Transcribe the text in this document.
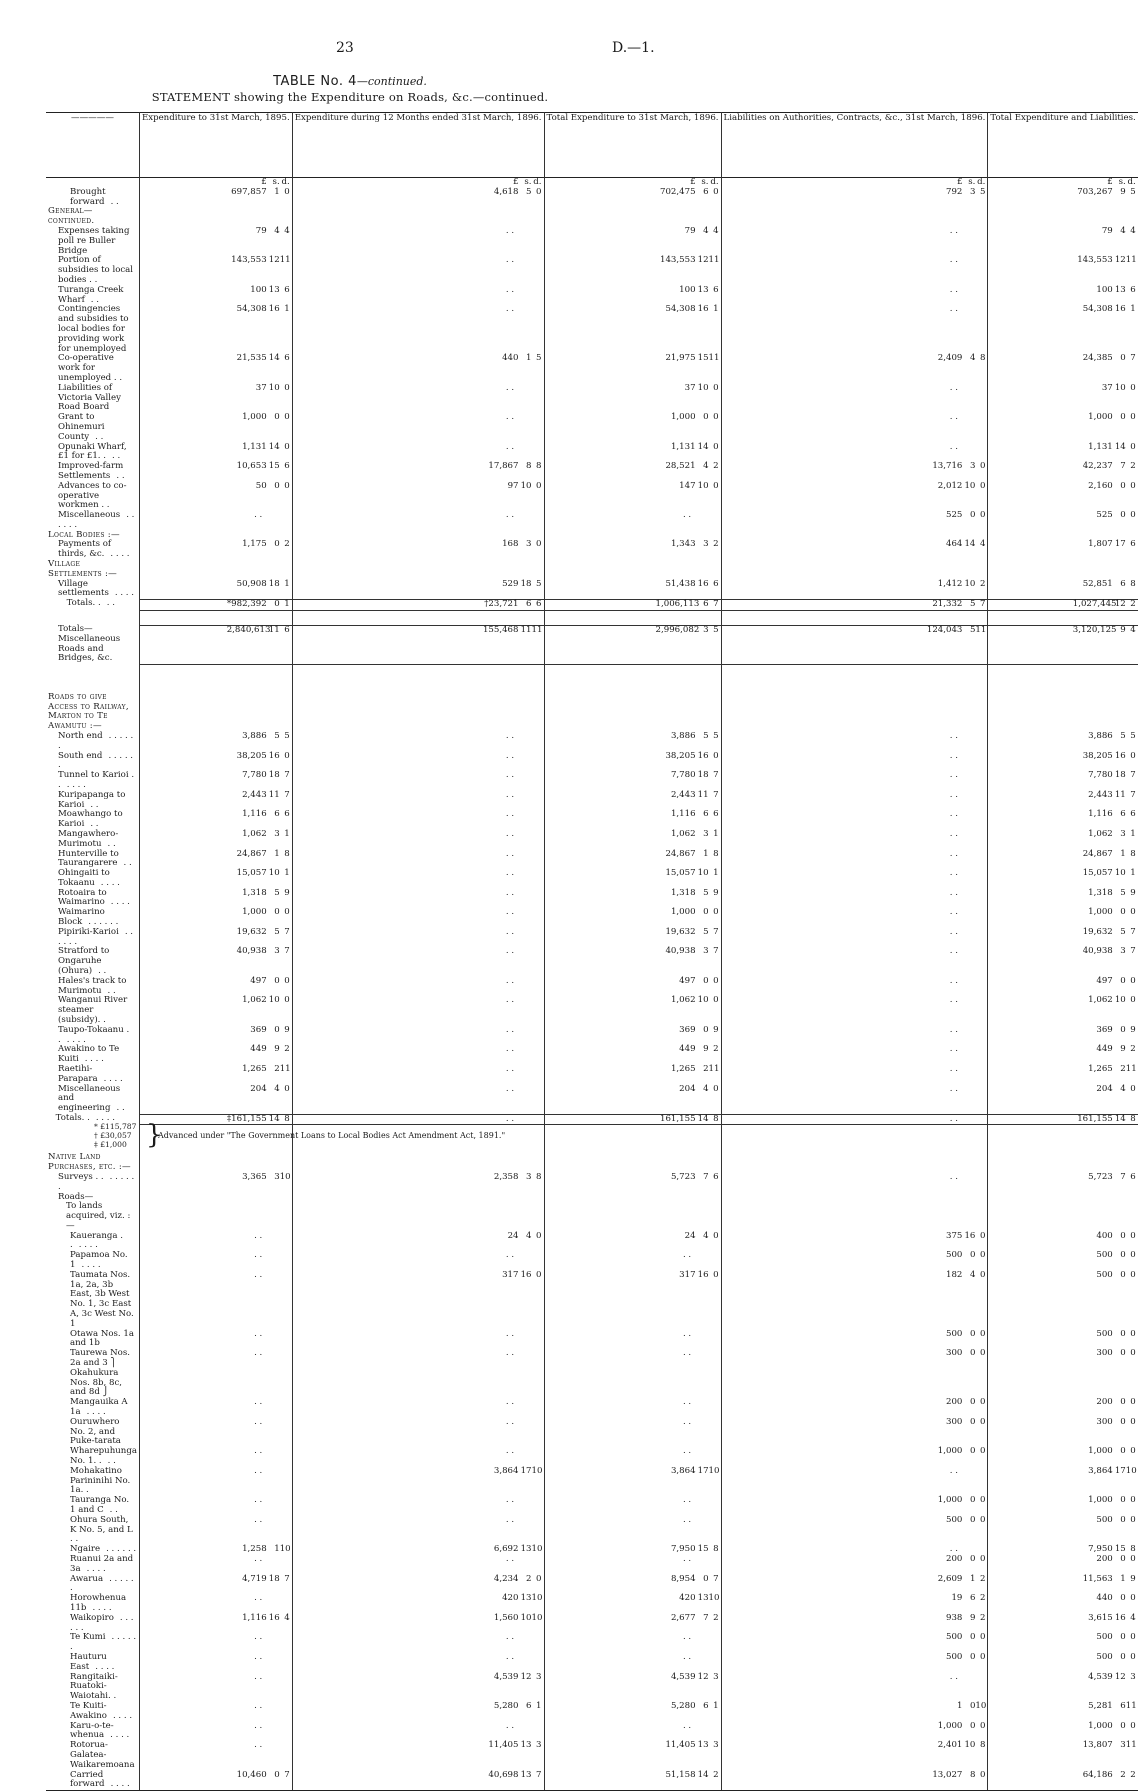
23	D.—1.
TABLE No. 4—continued.
STATEMENT showing the Expenditure on Roads, &c.—continued.
—————	Expenditure to 31st March, 1895.	Expenditure during 12 Months ended 31st March, 1896.	Total Expenditure to 31st March, 1896.	Liabilities on Authorities, Contracts, &c., 31st March, 1896.	Total Expenditure and Liabilities.
	£ s. d.	£ s. d.	£ s. d.	£ s. d.	£ s. d.
Brought forward . .	697,857 1 0	4,618 5 0	702,475 6 0	792 3 5	703,267 9 5
General—continued.					
Expenses taking poll re Buller Bridge	79 4 4	. .	79 4 4	. .	79 4 4
Portion of subsidies to local bodies . .	143,553 1211	. .	143,553 1211	. .	143,553 1211
Turanga Creek Wharf . .	100 13 6	. .	100 13 6	. .	100 13 6
Contingencies and subsidies to local bodies for providing work for unemployed	54,308 16 1	. .	54,308 16 1	. .	54,308 16 1
Co-operative work for unemployed . .	21,535 14 6	440 1 5	21,975 1511	2,409 4 8	24,385 0 7
Liabilities of Victoria Valley Road Board	37 10 0	. .	37 10 0	. .	37 10 0
Grant to Ohinemuri County . .	1,000 0 0	. .	1,000 0 0	. .	1,000 0 0
Opunaki Wharf, £1 for £1. . . .	1,131 14 0	. .	1,131 14 0	. .	1,131 14 0
Improved-farm Settlements . .	10,653 15 6	17,867 8 8	28,521 4 2	13,716 3 0	42,237 7 2
Advances to co-operative workmen . .	50 0 0	97 10 0	147 10 0	2,012 10 0	2,160 0 0
Miscellaneous . . . . . .	. .	. .	. .	525 0 0	525 0 0
Local Bodies :—					
Payments of thirds, &c. . . . .	1,175 0 2	168 3 0	1,343 3 2	464 14 4	1,807 17 6
Village Settlements :—					
Village settlements . . . .	50,908 18 1	529 18 5	51,438 16 6	1,412 10 2	52,851 6 8
Totals. . . .	*982,392 0 1	†23,721 6 6	1,006,113 6 7	21,332 5 7	1,027,44512 2

Totals—Miscellaneous Roads and Bridges, &c.	2,840,61311 6	155,468 1111	2,996,082 3 5	124,043 511	3,120,125 9 4

Roads to give Access to Railway, Marton to Te Awamutu :—					
North end . . . . . .	3,886 5 5	. .	3,886 5 5	. .	3,886 5 5
South end . . . . . .	38,205 16 0	. .	38,205 16 0	. .	38,205 16 0
Tunnel to Karioi . . . . . .	7,780 18 7	. .	7,780 18 7	. .	7,780 18 7
Kuripapanga to Karioi . .	2,443 11 7	. .	2,443 11 7	. .	2,443 11 7
Moawhango to Karioi . .	1,116 6 6	. .	1,116 6 6	. .	1,116 6 6
Mangawhero-Murimotu . .	1,062 3 1	. .	1,062 3 1	. .	1,062 3 1
Hunterville to Taurangarere . .	24,867 1 8	. .	24,867 1 8	. .	24,867 1 8
Ohingaiti to Tokaanu . . . .	15,057 10 1	. .	15,057 10 1	. .	15,057 10 1
Rotoaira to Waimarino . . . .	1,318 5 9	. .	1,318 5 9	. .	1,318 5 9
Waimarino Block . . . . . .	1,000 0 0	. .	1,000 0 0	. .	1,000 0 0
Pipiriki-Karioi . . . . . .	19,632 5 7	. .	19,632 5 7	. .	19,632 5 7
Stratford to Ongaruhe (Ohura) . .	40,938 3 7	. .	40,938 3 7	. .	40,938 3 7
Hales's track to Murimotu . .	497 0 0	. .	497 0 0	. .	497 0 0
Wanganui River steamer (subsidy). .	1,062 10 0	. .	1,062 10 0	. .	1,062 10 0
Taupo-Tokaanu . . . . . .	369 0 9	. .	369 0 9	. .	369 0 9
Awakino to Te Kuiti . . . .	449 9 2	. .	449 9 2	. .	449 9 2
Raetihi-Parapara . . . .	1,265 211	. .	1,265 211	. .	1,265 211
Miscellaneous and engineering . .	204 4 0	. .	204 4 0	. .	204 4 0
Totals. . . . . .	‡161,155 14 8	. .	161,155 14 8	. .	161,155 14 8

Native Land Purchases, etc. :—					
Surveys . . . . . . . .	3,365 310	2,358 3 8	5,723 7 6	. .	5,723 7 6
Roads—					
To lands acquired, viz. :—					
Kaueranga . . . . . .	. .	24 4 0	24 4 0	375 16 0	400 0 0
Papamoa No. 1 . . . .	. .	. .	. .	500 0 0	500 0 0
Taumata Nos. 1a, 2a, 3b East, 3b West No. 1, 3c East A, 3c West No. 1	. .	317 16 0	317 16 0	182 4 0	500 0 0
Otawa Nos. 1a and 1b	. .	. .	. .	500 0 0	500 0 0
Taurewa Nos. 2a and 3 ⎫ Okahukura Nos. 8b, 8c, and 8d ⎭	. .	. .	. .	300 0 0	300 0 0
Mangauika A 1a . . . .	. .	. .	. .	200 0 0	200 0 0
Ouruwhero No. 2, and Puke-tarata	. .	. .	. .	300 0 0	300 0 0
Wharepuhunga No. 1. . . .	. .	. .	. .	1,000 0 0	1,000 0 0
Mohakatino Parininihi No. 1a. .	. .	3,864 1710	3,864 1710	. .	3,864 1710
Tauranga No. 1 and C . .	. .	. .	. .	1,000 0 0	1,000 0 0
Ohura South, K No. 5, and L . .	. .	. .	. .	500 0 0	500 0 0
Ngaire . . . . . .	1,258 110	6,692 1310	7,950 15 8	. .	7,950 15 8
Ruanui 2a and 3a . . . .	. .	. .	. .	200 0 0	200 0 0
Awarua . . . . . .	4,719 18 7	4,234 2 0	8,954 0 7	2,609 1 2	11,563 1 9
Horowhenua 11b . . . .	. .	420 1310	420 1310	19 6 2	440 0 0
Waikopiro . . . . . .	1,116 16 4	1,560 1010	2,677 7 2	938 9 2	3,615 16 4
Te Kumi . . . . . .	. .	. .	. .	500 0 0	500 0 0
Hauturu East . . . .	. .	. .	. .	500 0 0	500 0 0
Rangitaiki-Ruatoki-Waiotahi. .	. .	4,539 12 3	4,539 12 3	. .	4,539 12 3
Te Kuiti-Awakino . . . .	. .	5,280 6 1	5,280 6 1	1 010	5,281 611
Karu-o-te-whenua . . . .	. .	. .	. .	1,000 0 0	1,000 0 0
Rotorua-Galatea-Waikaremoana	. .	11,405 13 3	11,405 13 3	2,401 10 8	13,807 311
Carried forward . . . .	10,460 0 7	40,698 13 7	51,158 14 2	13,027 8 0	64,186 2 2
* £115,787
† £30,057
‡ £1,000 }
Advanced under "The Government Loans to Local Bodies Act Amendment Act, 1891."
